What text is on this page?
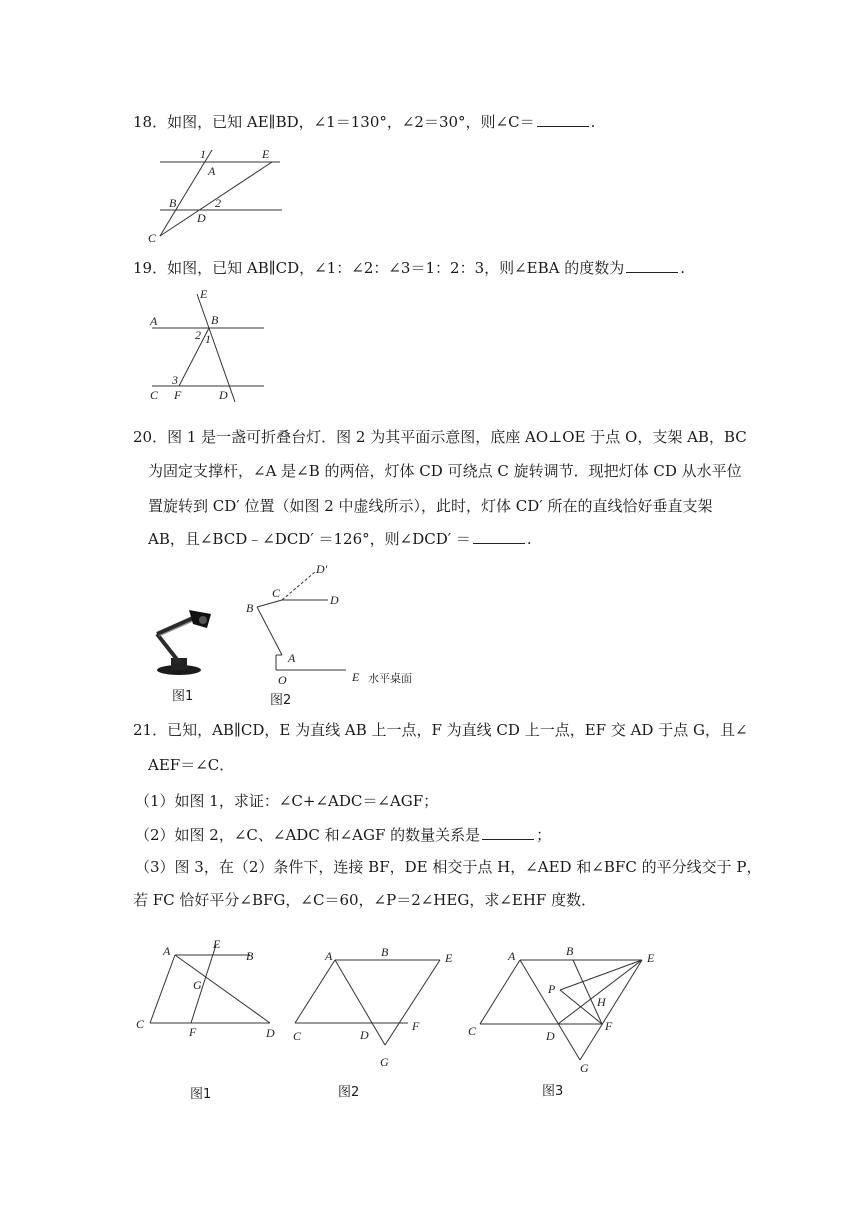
18．如图，已知 AE∥BD，∠1＝130°，∠2＝30°，则∠C＝	.
1
A
E
B	2
D
C
19．如图，已知 AB∥CD，∠1：∠2：∠3＝1：2：3，则∠EBA 的度数为	.
E
A	B
2 1
3
C F	D
20．图 1 是一盏可折叠台灯．图 2 为其平面示意图，底座 AO⊥OE 于点 O，支架 AB，BC
为固定支撑杆，∠A 是∠B 的两倍，灯体 CD 可绕点 C 旋转调节．现把灯体 CD 从水平位
置旋转到 CD′ 位置（如图 2 中虚线所示），此时，灯体 CD′ 所在的直线恰好垂直支架
AB，且∠BCD﹣∠DCD′ ＝126°，则∠DCD′ ＝	.
图1
D'
C	D
B
A
O	E 水平桌面
图2
21．已知，AB∥CD，E 为直线 AB 上一点，F 为直线 CD 上一点，EF 交 AD 于点 G，且∠
AEF＝∠C．
（1）如图 1，求证：∠C+∠ADC＝∠AGF；
（2）如图 2，∠C、∠ADC 和∠AGF 的数量关系是	；
（3）图 3，在（2）条件下，连接 BF，DE 相交于点 H，∠AED 和∠BFC 的平分线交于 P，
若 FC 恰好平分∠BFG，∠C＝60，∠P＝2∠HEG，求∠EHF 度数．
A	E
B
G
C
F	D
图1
A	B	E
C	D
F
G
图2
A	B	E
P
H
C	D
F
G
图3
